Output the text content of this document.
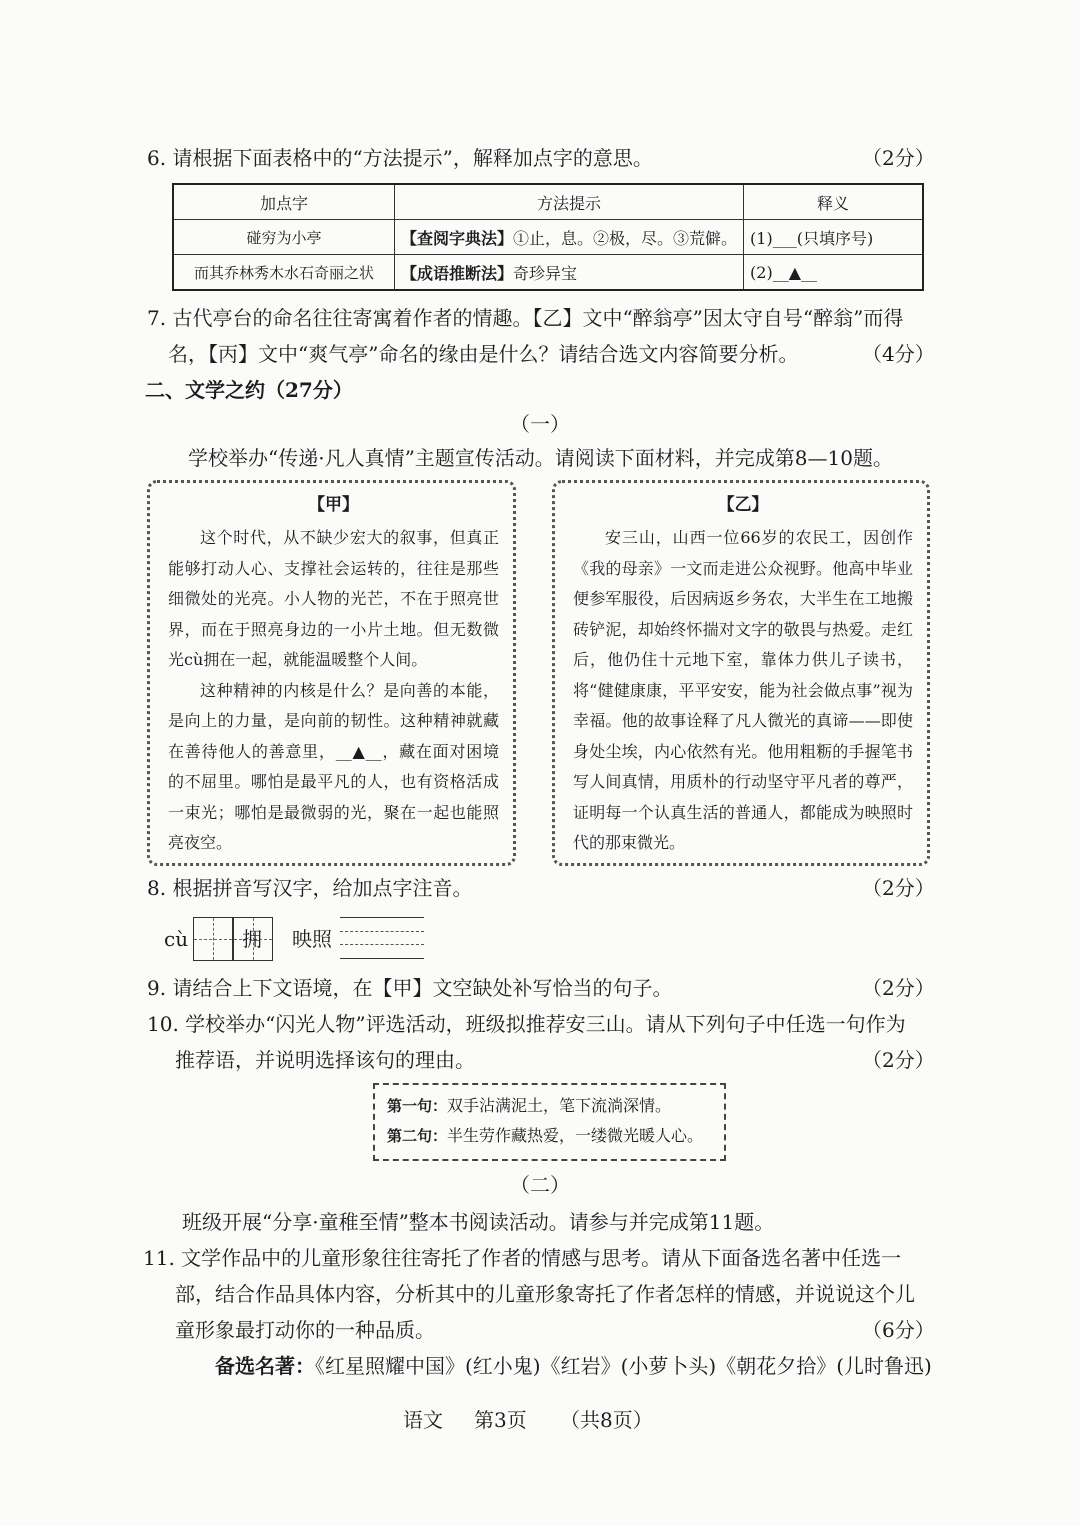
6. 请根据下面表格中的“方法提示”，解释加点字的意思。	（2分）
加点字	方法提示	释义
碰穷为小亭	【查阅字典法】①止，息。②极，尽。③荒僻。	(1)___(只填序号)
而其乔林秀木水石奇丽之状	【成语推断法】奇珍异宝	(2)__▲__
7. 古代亭台的命名往往寄寓着作者的情趣。【乙】文中“醉翁亭”因太守自号“醉翁”而得
名，【丙】文中“爽气亭”命名的缘由是什么？请结合选文内容简要分析。	（4分）
二、文学之约（27分）
（一）
学校举办“传递·凡人真情”主题宣传活动。请阅读下面材料，并完成第8—10题。
【甲】

这个时代，从不缺少宏大的叙事，但真正能够打动人心、支撑社会运转的，往往是那些细微处的光亮。小人物的光芒，不在于照亮世界，而在于照亮身边的一小片土地。但无数微光cù拥在一起，就能温暖整个人间。

这种精神的内核是什么？是向善的本能，是向上的力量，是向前的韧性。这种精神就藏在善待他人的善意里，__▲__，藏在面对困境的不屈里。哪怕是最平凡的人，也有资格活成一束光；哪怕是最微弱的光，聚在一起也能照亮夜空。

【乙】

安三山，山西一位66岁的农民工，因创作《我的母亲》一文而走进公众视野。他高中毕业便参军服役，后因病返乡务农，大半生在工地搬砖铲泥，却始终怀揣对文字的敬畏与热爱。走红后，他仍住十元地下室，靠体力供儿子读书，将“健健康康，平平安安，能为社会做点事”视为幸福。他的故事诠释了凡人微光的真谛——即使身处尘埃，内心依然有光。他用粗粝的手握笔书写人间真情，用质朴的行动坚守平凡者的尊严，证明每一个认真生活的普通人，都能成为映照时代的那束微光。

8. 根据拼音写汉字，给加点字注音。	（2分）
cù	拥 映照
9. 请结合上下文语境，在【甲】文空缺处补写恰当的句子。	（2分）
10. 学校举办“闪光人物”评选活动，班级拟推荐安三山。请从下列句子中任选一句作为
推荐语，并说明选择该句的理由。	（2分）
第一句：双手沾满泥土，笔下流淌深情。
第二句：半生劳作藏热爱，一缕微光暖人心。
（二）
班级开展“分享·童稚至情”整本书阅读活动。请参与并完成第11题。
11. 文学作品中的儿童形象往往寄托了作者的情感与思考。请从下面备选名著中任选一
部，结合作品具体内容，分析其中的儿童形象寄托了作者怎样的情感，并说说这个儿
童形象最打动你的一种品质。	（6分）
备选名著：《红星照耀中国》(红小鬼)《红岩》(小萝卜头)《朝花夕拾》(儿时鲁迅)
语文 第3页 （共8页）
